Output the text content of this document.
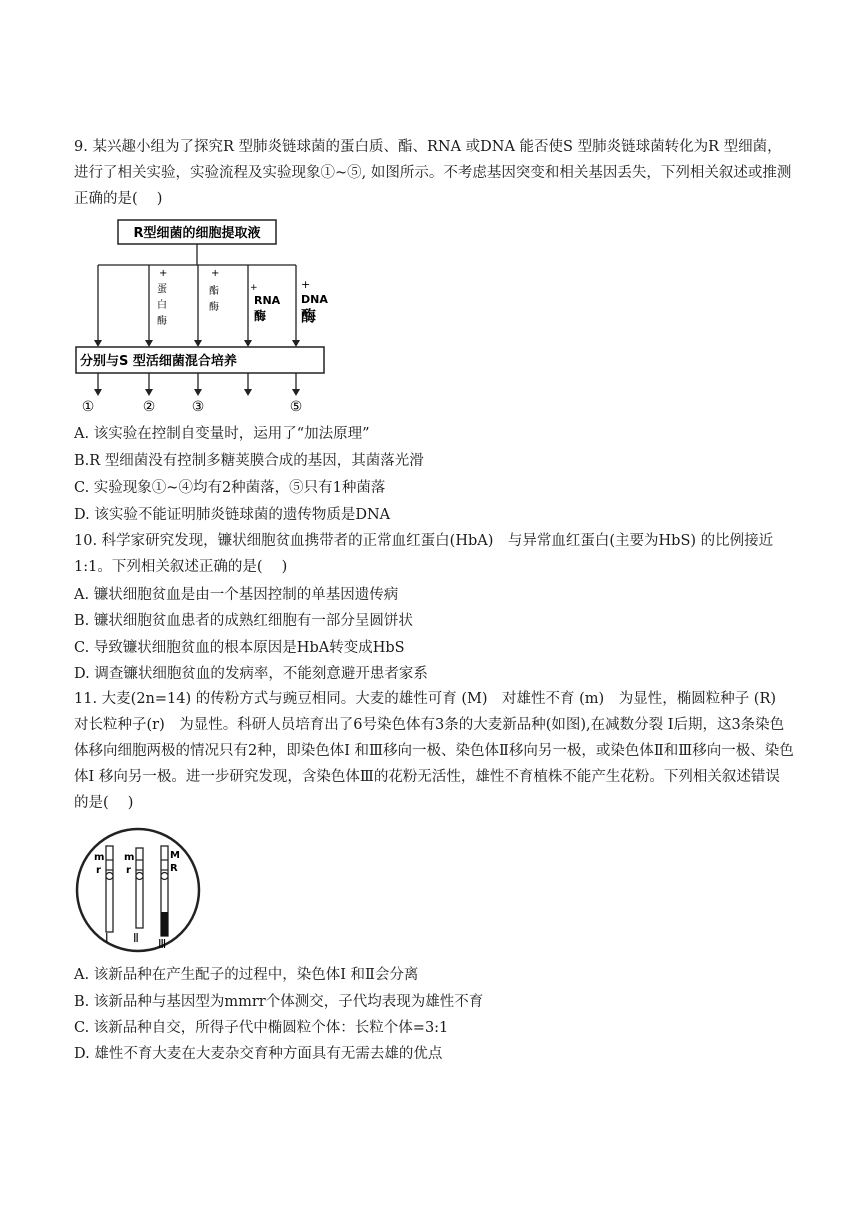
9. 某兴趣小组为了探究R 型肺炎链球菌的蛋白质、酯、RNA 或DNA 能否使S 型肺炎链球菌转化为R 型细菌，进行了相关实验，实验流程及实验现象①~⑤, 如图所示。不考虑基因突变和相关基因丢失，下列相关叙述或推测正确的是(　 )

R型细菌的细胞提取液
+
蛋
白
酶
+
酯
酶
+
RNA
酶
+
DNA
酶
分别与S 型活细菌混合培养
①	②	③	⑤

A. 该实验在控制自变量时，运用了“加法原理”

B.R 型细菌没有控制多糖荚膜合成的基因，其菌落光滑

C. 实验现象①~④均有2种菌落，⑤只有1种菌落

D. 该实验不能证明肺炎链球菌的遗传物质是DNA

10. 科学家研究发现，镰状细胞贫血携带者的正常血红蛋白(HbA)　与异常血红蛋白(主要为HbS) 的比例接近1:1。下列相关叙述正确的是(　 )

A. 镰状细胞贫血是由一个基因控制的单基因遗传病

B. 镰状细胞贫血患者的成熟红细胞有一部分呈圆饼状

C. 导致镰状细胞贫血的根本原因是HbA转变成HbS

D. 调查镰状细胞贫血的发病率，不能刻意避开患者家系

11. 大麦(2n=14) 的传粉方式与豌豆相同。大麦的雄性可育 (M)　对雄性不育 (m)　为显性，椭圆粒种子 (R)　对长粒种子(r)　为显性。科研人员培育出了6号染色体有3条的大麦新品种(如图),在减数分裂 Ⅰ后期，这3条染色体移向细胞两极的情况只有2种，即染色体Ⅰ 和Ⅲ移向一极、染色体Ⅱ移向另一极，或染色体Ⅱ和Ⅲ移向一极、染色体Ⅰ 移向另一极。进一步研究发现，含染色体Ⅲ的花粉无活性，雄性不育植株不能产生花粉。下列相关叙述错误的是(　 )

m
r
m
r
M
R
Ⅰ Ⅱ Ⅲ

A. 该新品种在产生配子的过程中，染色体Ⅰ 和Ⅱ会分离

B. 该新品种与基因型为mmrr个体测交，子代均表现为雄性不育

C. 该新品种自交，所得子代中椭圆粒个体：长粒个体=3:1

D. 雄性不育大麦在大麦杂交育种方面具有无需去雄的优点
